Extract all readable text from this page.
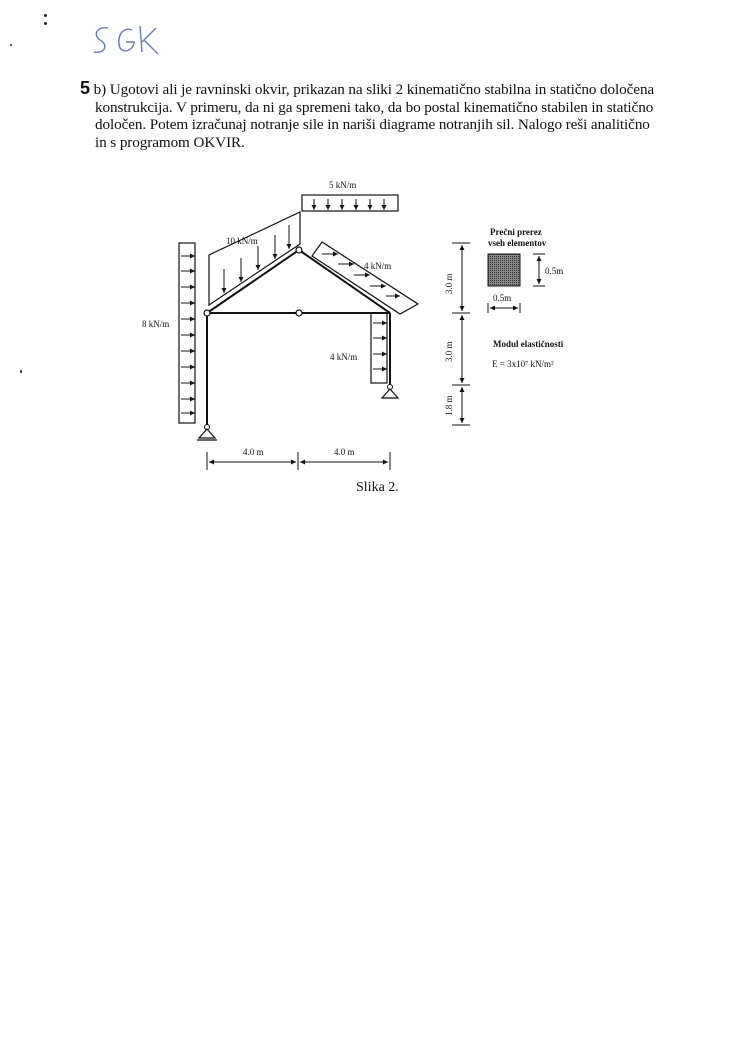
5 b) Ugotovi ali je ravninski okvir, prikazan na sliki 2 kinematično stabilna in statično določena

konstrukcija. V primeru, da ni ga spremeni tako, da bo postal kinematično stabilen in statično

določen. Potem izračunaj notranje sile in nariši diagrame notranjih sil. Nalogo reši analitično

in s programom OKVIR.

5 kN/m
10 kN/m
4 kN/m
8 kN/m
4 kN/m
4.0 m	4.0 m
3.0 m
3.0 m
1.8 m
Prečni prerez
vseh elementov
0.5m
0.5m
Modul elastičnosti
E = 3x10⁷ kN/m²
Slika 2.
